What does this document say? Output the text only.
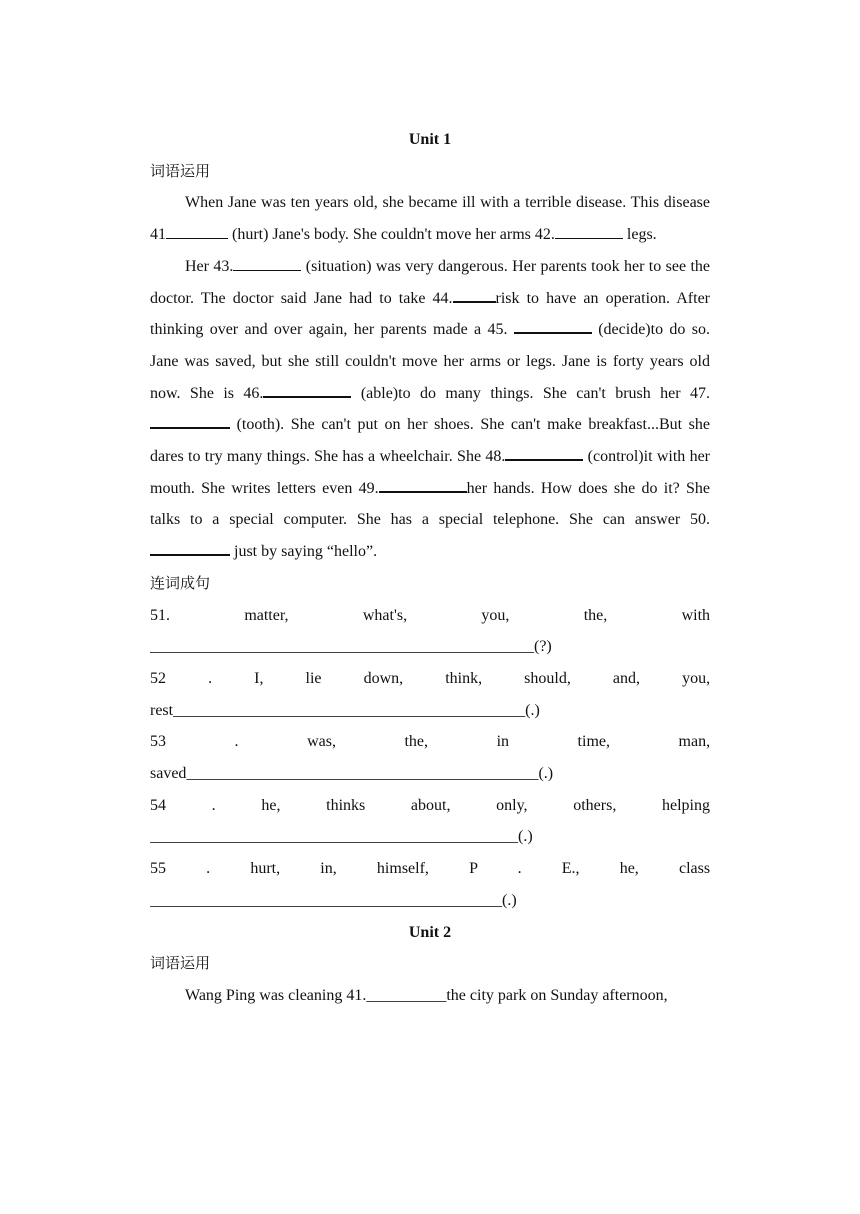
Unit 1
词语运用
When Jane was ten years old, she became ill with a terrible disease. This disease 41	(hurt) Jane's body. She couldn't move her arms 42.	legs.
Her 43.	(situation) was very dangerous. Her parents took her to see the doctor. The doctor said Jane had to take 44.	risk to have an operation. After thinking over and over again, her parents made a 45.	(decide)to do so. Jane was saved, but she still couldn't move her arms or legs. Jane is forty years old now. She is 46.	(able)to do many things. She can't brush her 47. (tooth). She can't put on her shoes. She can't make breakfast...But she dares to try many things. She has a wheelchair. She 48.	(control)it with her mouth. She writes letters even 49.	her hands. How does she do it? She talks to a special computer. She has a special telephone. She can answer 50. just by saying “hello”.
连词成句
51.	matter,	what's,	you,	the,	with
________________________________________________(?)
52	.	I,	lie	down,	think,	should,	and,	you,
rest____________________________________________(.)
53	.	was,	the,	in	time,	man,
saved____________________________________________(.)
54	.	he,	thinks	about,	only,	others,	helping
______________________________________________(.)
55	.	hurt,	in,	himself,	P	.	E.,	he,	class
____________________________________________(.)
Unit 2
词语运用
Wang Ping was cleaning 41.__________the city park on Sunday afternoon,
